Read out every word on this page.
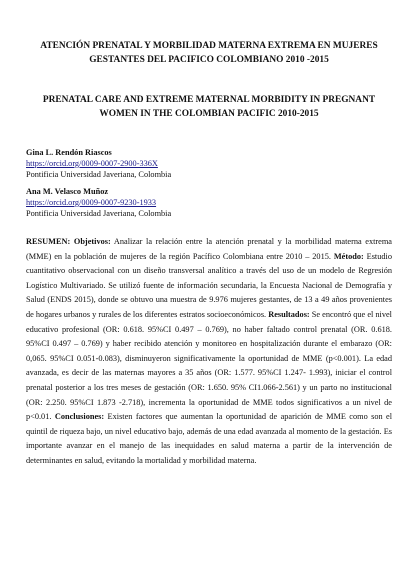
ATENCIÓN PRENATAL Y MORBILIDAD MATERNA EXTREMA EN MUJERES
GESTANTES DEL PACIFICO COLOMBIANO 2010 -2015
PRENATAL CARE AND EXTREME MATERNAL MORBIDITY IN PREGNANT
WOMEN IN THE COLOMBIAN PACIFIC 2010-2015
Gina L. Rendón Riascos
https://orcid.org/0009-0007-2900-336X
Pontificia Universidad Javeriana, Colombia
Ana M. Velasco Muñoz
https://orcid.org/0009-0007-9230-1933
Pontificia Universidad Javeriana, Colombia

RESUMEN: Objetivos: Analizar la relación entre la atención prenatal y la morbilidad materna extrema (MME) en la población de mujeres de la región Pacífico Colombiana entre 2010 – 2015. Método: Estudio cuantitativo observacional con un diseño transversal analítico a través del uso de un modelo de Regresión Logístico Multivariado. Se utilizó fuente de información secundaria, la Encuesta Nacional de Demografía y Salud (ENDS 2015), donde se obtuvo una muestra de 9.976 mujeres gestantes, de 13 a 49 años provenientes de hogares urbanos y rurales de los diferentes estratos socioeconómicos. Resultados: Se encontró que el nivel educativo profesional (OR: 0.618. 95%CI 0.497 – 0.769), no haber faltado control prenatal (OR. 0.618. 95%CI 0.497 – 0.769) y haber recibido atención y monitoreo en hospitalización durante el embarazo (OR: 0,065. 95%CI 0.051-0.083), disminuyeron significativamente la oportunidad de MME (p<0.001). La edad avanzada, es decir de las maternas mayores a 35 años (OR: 1.577. 95%CI 1.247- 1.993), iniciar el control prenatal posterior a los tres meses de gestación (OR: 1.650. 95% CI1.066-2.561) y un parto no institucional (OR: 2.250. 95%CI 1.873 -2.718), incrementa la oportunidad de MME todos significativos a un nivel de p<0.01. Conclusiones: Existen factores que aumentan la oportunidad de aparición de MME como son el quintil de riqueza bajo, un nivel educativo bajo, además de una edad avanzada al momento de la gestación. Es importante avanzar en el manejo de las inequidades en salud materna a partir de la intervención de determinantes en salud, evitando la mortalidad y morbilidad materna.
